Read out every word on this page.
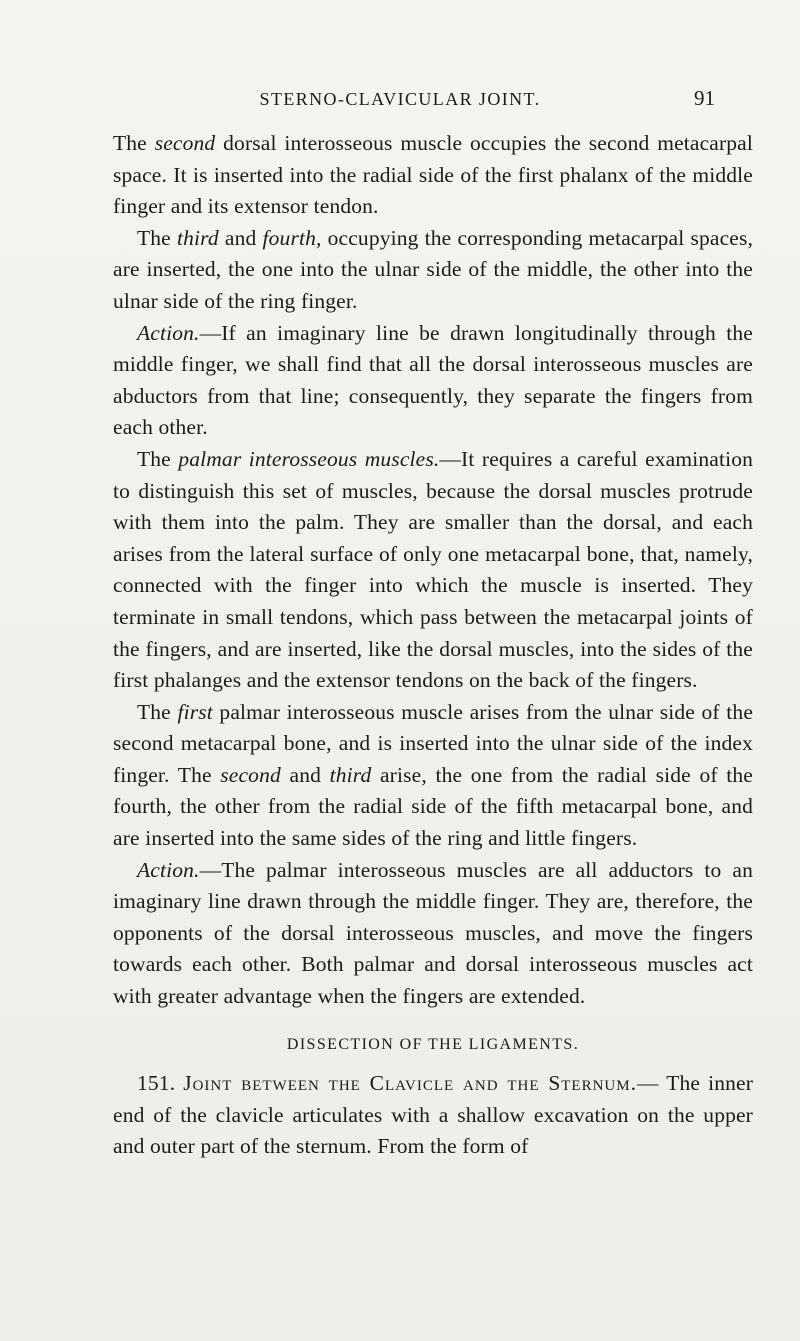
STERNO-CLAVICULAR JOINT.	91

The second dorsal interosseous muscle occupies the second metacarpal space. It is inserted into the radial side of the first phalanx of the middle finger and its extensor tendon.

The third and fourth, occupying the corresponding metacarpal spaces, are inserted, the one into the ulnar side of the middle, the other into the ulnar side of the ring finger.

Action.—If an imaginary line be drawn longitudinally through the middle finger, we shall find that all the dorsal interosseous muscles are abductors from that line; consequently, they separate the fingers from each other.

The palmar interosseous muscles.—It requires a careful examination to distinguish this set of muscles, because the dorsal muscles protrude with them into the palm. They are smaller than the dorsal, and each arises from the lateral surface of only one metacarpal bone, that, namely, connected with the finger into which the muscle is inserted. They terminate in small tendons, which pass between the metacarpal joints of the fingers, and are inserted, like the dorsal muscles, into the sides of the first phalanges and the extensor tendons on the back of the fingers.

The first palmar interosseous muscle arises from the ulnar side of the second metacarpal bone, and is inserted into the ulnar side of the index finger. The second and third arise, the one from the radial side of the fourth, the other from the radial side of the fifth metacarpal bone, and are inserted into the same sides of the ring and little fingers.

Action.—The palmar interosseous muscles are all adductors to an imaginary line drawn through the middle finger. They are, therefore, the opponents of the dorsal interosseous muscles, and move the fingers towards each other. Both palmar and dorsal interosseous muscles act with greater advantage when the fingers are extended.

DISSECTION OF THE LIGAMENTS.

151. Joint between the Clavicle and the Sternum.— The inner end of the clavicle articulates with a shallow excavation on the upper and outer part of the sternum. From the form of
